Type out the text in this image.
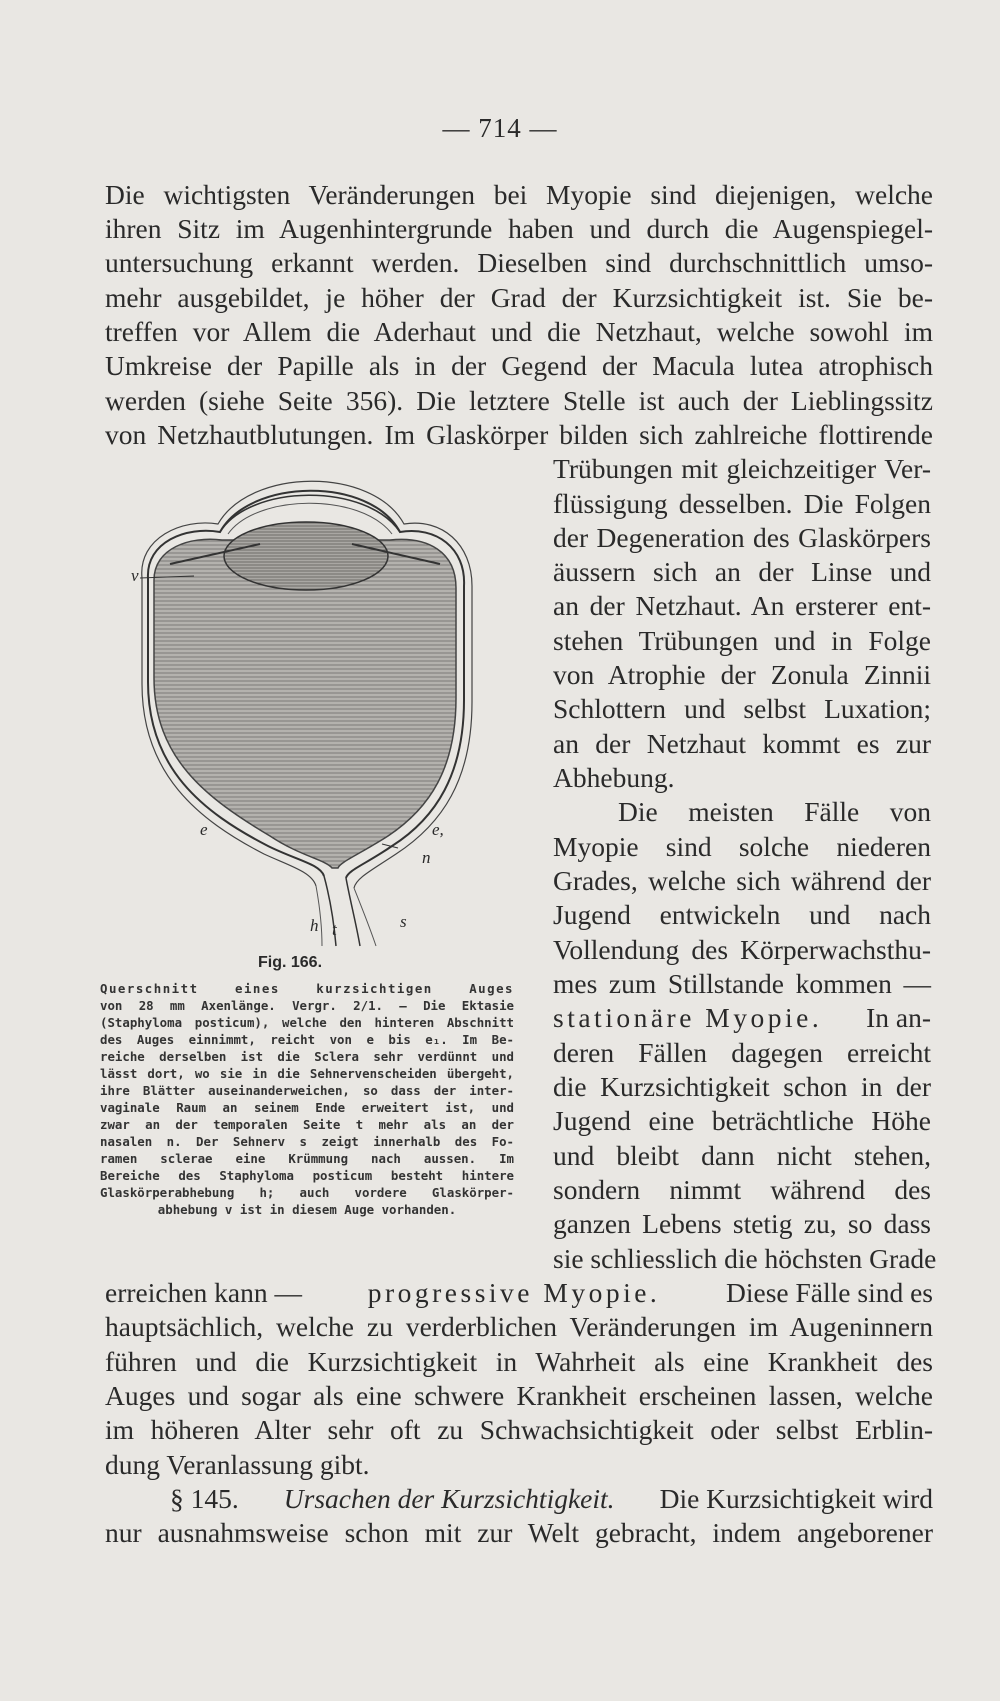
— 714 —
Die wichtigsten Veränderungen bei Myopie sind diejenigen, welche
ihren Sitz im Augenhintergrunde haben und durch die Augenspiegel-
untersuchung erkannt werden. Dieselben sind durchschnittlich umso-
mehr ausgebildet, je höher der Grad der Kurzsichtigkeit ist. Sie be-
treffen vor Allem die Aderhaut und die Netzhaut, welche sowohl im
Umkreise der Papille als in der Gegend der Macula lutea atrophisch
werden (siehe Seite 356). Die letztere Stelle ist auch der Lieblingssitz
von Netzhautblutungen. Im Glaskörper bilden sich zahlreiche flottirende
Trübungen mit gleichzeitiger Ver-
flüssigung desselben. Die Folgen
der Degeneration des Glaskörpers
äussern sich an der Linse und
an der Netzhaut. An ersterer ent-
stehen Trübungen und in Folge
von Atrophie der Zonula Zinnii
Schlottern und selbst Luxation;
an der Netzhaut kommt es zur
Abhebung.
Die meisten Fälle von
Myopie sind solche niederen
Grades, welche sich während der
Jugend entwickeln und nach
Vollendung des Körperwachsthu-
mes zum Stillstande kommen —
stationäre Myopie. In an-
deren Fällen dagegen erreicht
die Kurzsichtigkeit schon in der
Jugend eine beträchtliche Höhe
und bleibt dann nicht stehen,
sondern nimmt während des
ganzen Lebens stetig zu, so dass
sie schliesslich die höchsten Grade
erreichen kann — progressive Myopie. Diese Fälle sind es
hauptsächlich, welche zu verderblichen Veränderungen im Augeninnern
führen und die Kurzsichtigkeit in Wahrheit als eine Krankheit des
Auges und sogar als eine schwere Krankheit erscheinen lassen, welche
im höheren Alter sehr oft zu Schwachsichtigkeit oder selbst Erblin-
dung Veranlassung gibt.
§ 145. Ursachen der Kurzsichtigkeit. Die Kurzsichtigkeit wird
nur ausnahmsweise schon mit zur Welt gebracht, indem angeborener
v
e	e,
n
h t	s
Fig. 166.
Querschnitt eines kurzsichtigen Auges
von 28 mm Axenlänge. Vergr. 2/1. — Die Ektasie
(Staphyloma posticum), welche den hinteren Abschnitt
des Auges einnimmt, reicht von e bis e₁. Im Be-
reiche derselben ist die Sclera sehr verdünnt und
lässt dort, wo sie in die Sehnervenscheiden übergeht,
ihre Blätter auseinanderweichen, so dass der inter-
vaginale Raum an seinem Ende erweitert ist, und
zwar an der temporalen Seite t mehr als an der
nasalen n. Der Sehnerv s zeigt innerhalb des Fo-
ramen sclerae eine Krümmung nach aussen. Im
Bereiche des Staphyloma posticum besteht hintere
Glaskörperabhebung h; auch vordere Glaskörper-
abhebung v ist in diesem Auge vorhanden.
